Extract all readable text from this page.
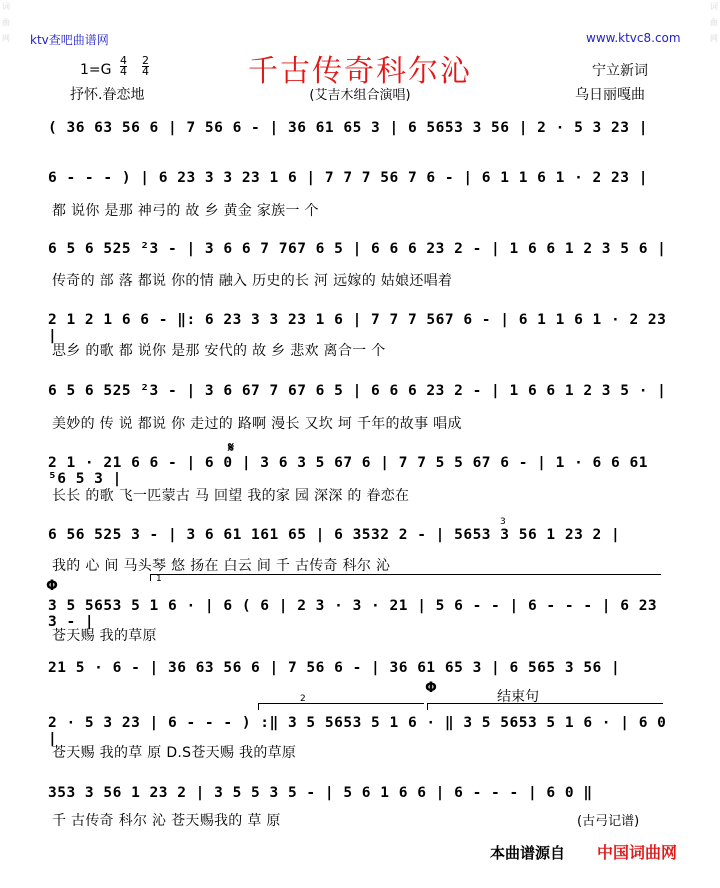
词
曲
网
词
曲
网
ktv查吧曲谱网	www.ktvc8.com
千古传奇科尔沁
1=G
4
4
2
4	宁立新词
抒怀.眷恋地	(艾吉木组合演唱)	乌日丽嘎曲
( 36 63 56 6 | 7 56 6 - | 36 61 65 3 | 6 5653 3 56 | 2 · 5 3 23 |
6 - - - ) | 6 23 3 3 23 1 6 | 7 7 7 56 7 6 - | 6 1 1 6 1 · 2 23 |
都 说你 是那 神弓的 故 乡 黄金 家族一 个
6 5 6 525 ²3 - | 3 6 6 7 767 6 5 | 6 6 6 23 2 - | 1 6 6 1 2 3 5 6 |
传奇的 部 落 都说 你的情 融入 历史的长 河 远嫁的 姑娘还唱着
2 1 2 1 6 6 - ‖: 6 23 3 3 23 1 6 | 7 7 7 567 6 - | 6 1 1 6 1 · 2 23 |
思乡 的歌 都 说你 是那 安代的 故 乡 悲欢 离合一 个
6 5 6 525 ²3 - | 3 6 67 7 67 6 5 | 6 6 6 23 2 - | 1 6 6 1 2 3 5 · |
美妙的 传 说 都说 你 走过的 路啊 漫长 又坎 坷 千年的故事 唱成
𝄋
2 1 · 21 6 6 - | 6 0 | 3 6 3 5 67 6 | 7 7 5 5 67 6 - | 1 · 6 6 61 ⁵6 5 3 |
长长 的歌 飞一匹蒙古 马 回望 我的家 园 深深 的 眷恋在
3
6 56 525 3 - | 3 6 61 161 65 | 6 3532 2 - | 5653 3 56 1 23 2 |
我的 心 间 马头琴 悠 扬在 白云 间 千 古传奇 科尔 沁
1
Φ
3 5 5653 5 1 6 · | 6 ( 6 | 2 3 · 3 · 21 | 5 6 - - | 6 - - - | 6 23 3 - |
苍天赐 我的草原
21 5 · 6 - | 36 63 56 6 | 7 56 6 - | 36 61 65 3 | 6 565 3 56 |
Φ
结束句
2
2 · 5 3 23 | 6 - - - ) :‖ 3 5 5653 5 1 6 · ‖ 3 5 5653 5 1 6 · | 6 0 |
苍天赐 我的草 原 D.S苍天赐 我的草原
353 3 56 1 23 2 | 3 5 5 3 5 - | 5 6 1 6 6 | 6 - - - | 6 0 ‖
千 古传奇 科尔 沁 苍天赐我的 草 原	(古弓记谱)
本曲谱源自 中国词曲网
